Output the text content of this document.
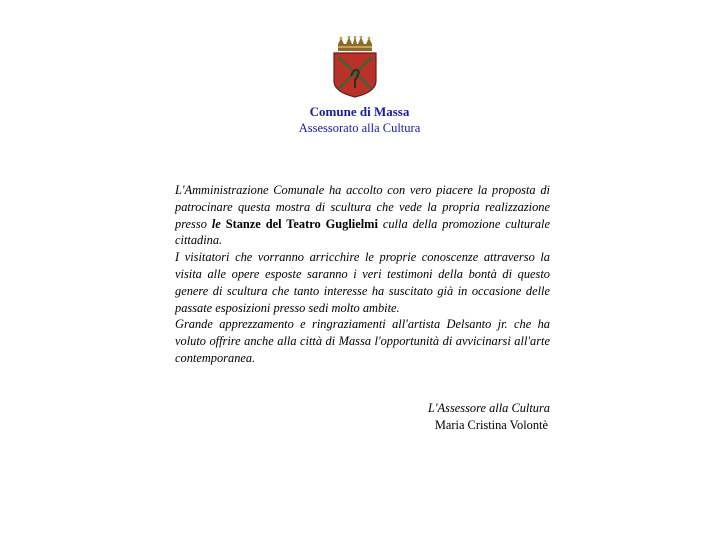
Comune di Massa
Assessorato alla Cultura

L'Amministrazione Comunale ha accolto con vero piacere la proposta di patrocinare questa mostra di scultura che vede la propria realizzazione presso le Stanze del Teatro Guglielmi culla della promozione culturale cittadina.

I visitatori che vorranno arricchire le proprie conoscenze attraverso la visita alle opere esposte saranno i veri testimoni della bontà di questo genere di scultura che tanto interesse ha suscitato già in occasione delle passate esposizioni presso sedi molto ambite.

Grande apprezzamento e ringraziamenti all'artista Delsanto jr. che ha voluto offrire anche alla città di Massa l'opportunità di avvicinarsi all'arte contemporanea.

L'Assessore alla Cultura
Maria Cristina Volontè
